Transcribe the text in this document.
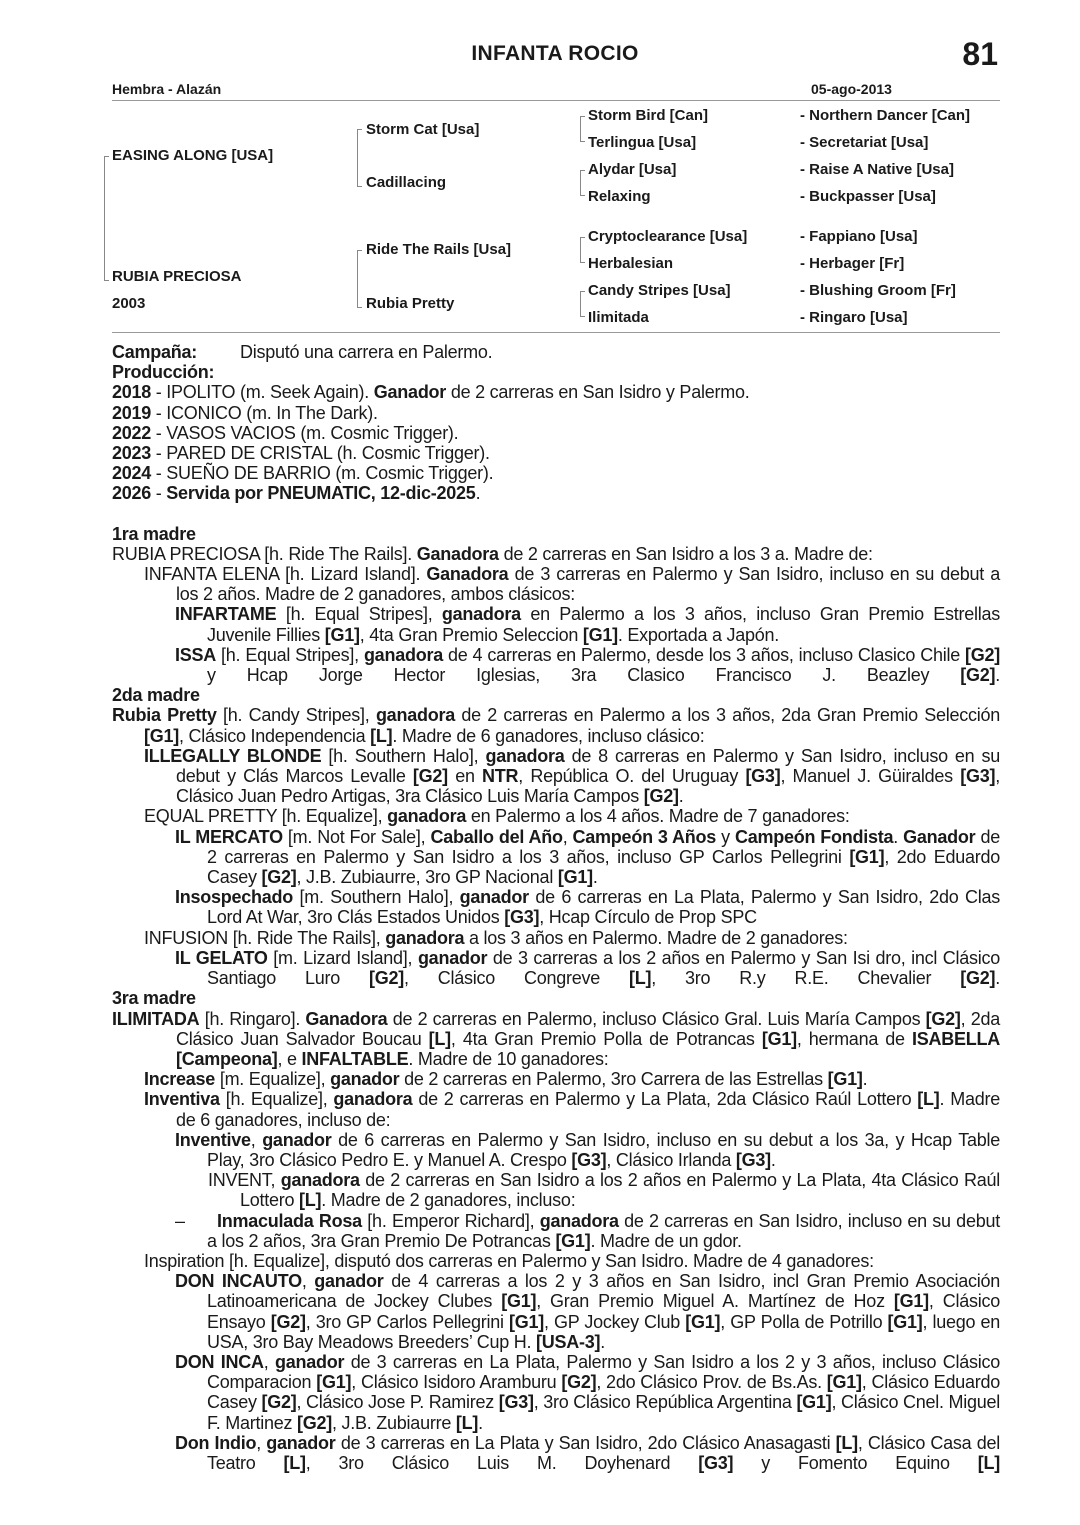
INFANTA ROCIO	81
Hembra - Alazán	05-ago-2013
EASING ALONG [USA]
RUBIA PRECIOSA
2003
Storm Cat [Usa]
Cadillacing
Ride The Rails [Usa]
Rubia Pretty
Storm Bird [Can]
Terlingua [Usa]
Alydar [Usa]
Relaxing
Cryptoclearance [Usa]
Herbalesian
Candy Stripes [Usa]
Ilimitada
- Northern Dancer [Can]
- Secretariat [Usa]
- Raise A Native [Usa]
- Buckpasser [Usa]
- Fappiano [Usa]
- Herbager [Fr]
- Blushing Groom [Fr]
- Ringaro [Usa]

Campaña: Disputó una carrera en Palermo.

Producción:

2018 - IPOLITO (m. Seek Again). Ganador de 2 carreras en San Isidro y Palermo.

2019 - ICONICO (m. In The Dark).

2022 - VASOS VACIOS (m. Cosmic Trigger).

2023 - PARED DE CRISTAL (h. Cosmic Trigger).

2024 - SUEÑO DE BARRIO (m. Cosmic Trigger).

2026 - Servida por PNEUMATIC, 12-dic-2025.

1ra madre

RUBIA PRECIOSA [h. Ride The Rails]. Ganadora de 2 carreras en San Isidro a los 3 a. Madre de:

INFANTA ELENA [h. Lizard Island]. Ganadora de 3 carreras en Palermo y San Isidro, incluso en su debut a los 2 años. Madre de 2 ganadores, ambos clásicos:

INFARTAME [h. Equal Stripes], ganadora en Palermo a los 3 años, incluso Gran Premio Estrellas Juvenile Fillies [G1], 4ta Gran Premio Seleccion [G1]. Exportada a Japón.

ISSA [h. Equal Stripes], ganadora de 4 carreras en Palermo, desde los 3 años, incluso Clasico Chile [G2] y Hcap Jorge Hector Iglesias, 3ra Clasico Francisco J. Beazley [G2].

2da madre

Rubia Pretty [h. Candy Stripes], ganadora de 2 carreras en Palermo a los 3 años, 2da Gran Premio Selección [G1], Clásico Independencia [L]. Madre de 6 ganadores, incluso clásico:

ILLEGALLY BLONDE [h. Southern Halo], ganadora de 8 carreras en Palermo y San Isidro, incluso en su debut y Clás Marcos Levalle [G2] en NTR, República O. del Uruguay [G3], Manuel J. Güiraldes [G3], Clásico Juan Pedro Artigas, 3ra Clásico Luis María Campos [G2].

EQUAL PRETTY [h. Equalize], ganadora en Palermo a los 4 años. Madre de 7 ganadores:

IL MERCATO [m. Not For Sale], Caballo del Año, Campeón 3 Años y Campeón Fondista. Ganador de 2 carreras en Palermo y San Isidro a los 3 años, incluso GP Carlos Pellegrini [G1], 2do Eduardo Casey [G2], J.B. Zubiaurre, 3ro GP Nacional [G1].

Insospechado [m. Southern Halo], ganador de 6 carreras en La Plata, Palermo y San Isidro, 2do Clas Lord At War, 3ro Clás Estados Unidos [G3], Hcap Círculo de Prop SPC

INFUSION [h. Ride The Rails], ganadora a los 3 años en Palermo. Madre de 2 ganadores:

IL GELATO [m. Lizard Island], ganador de 3 carreras a los 2 años en Palermo y San Isi dro, incl Clásico Santiago Luro [G2], Clásico Congreve [L], 3ro R.y R.E. Chevalier [G2].

3ra madre

ILIMITADA [h. Ringaro]. Ganadora de 2 carreras en Palermo, incluso Clásico Gral. Luis María Campos [G2], 2da Clásico Juan Salvador Boucau [L], 4ta Gran Premio Polla de Potrancas [G1], hermana de ISABELLA [Campeona], e INFALTABLE. Madre de 10 ganadores:

Increase [m. Equalize], ganador de 2 carreras en Palermo, 3ro Carrera de las Estrellas [G1].

Inventiva [h. Equalize], ganadora de 2 carreras en Palermo y La Plata, 2da Clásico Raúl Lottero [L]. Madre de 6 ganadores, incluso de:

Inventive, ganador de 6 carreras en Palermo y San Isidro, incluso en su debut a los 3a, y Hcap Table Play, 3ro Clásico Pedro E. y Manuel A. Crespo [G3], Clásico Irlanda [G3].

INVENT, ganadora de 2 carreras en San Isidro a los 2 años en Palermo y La Plata, 4ta Clásico Raúl Lottero [L]. Madre de 2 ganadores, incluso:

–      Inmaculada Rosa [h. Emperor Richard], ganadora de 2 carreras en San Isidro, incluso en su debut a los 2 años, 3ra Gran Premio De Potrancas [G1]. Madre de un gdor.

Inspiration [h. Equalize], disputó dos carreras en Palermo y San Isidro. Madre de 4 ganadores:

DON INCAUTO, ganador de 4 carreras a los 2 y 3 años en San Isidro, incl Gran Premio Asociación Latinoamericana de Jockey Clubes [G1], Gran Premio Miguel A. Martínez de Hoz [G1], Clásico Ensayo [G2], 3ro GP Carlos Pellegrini [G1], GP Jockey Club [G1], GP Polla de Potrillo [G1], luego en USA, 3ro Bay Meadows Breeders’ Cup H. [USA-3].

DON INCA, ganador de 3 carreras en La Plata, Palermo y San Isidro a los 2 y 3 años, incluso Clásico Comparacion [G1], Clásico Isidoro Aramburu [G2], 2do Clásico Prov. de Bs.As. [G1], Clásico Eduardo Casey [G2], Clásico Jose P. Ramirez [G3], 3ro Clásico República Argentina [G1], Clásico Cnel. Miguel F. Martinez [G2], J.B. Zubiaurre [L].

Don Indio, ganador de 3 carreras en La Plata y San Isidro, 2do Clásico Anasagasti [L], Clásico Casa del Teatro [L], 3ro Clásico Luis M. Doyhenard [G3] y Fomento Equino [L]
